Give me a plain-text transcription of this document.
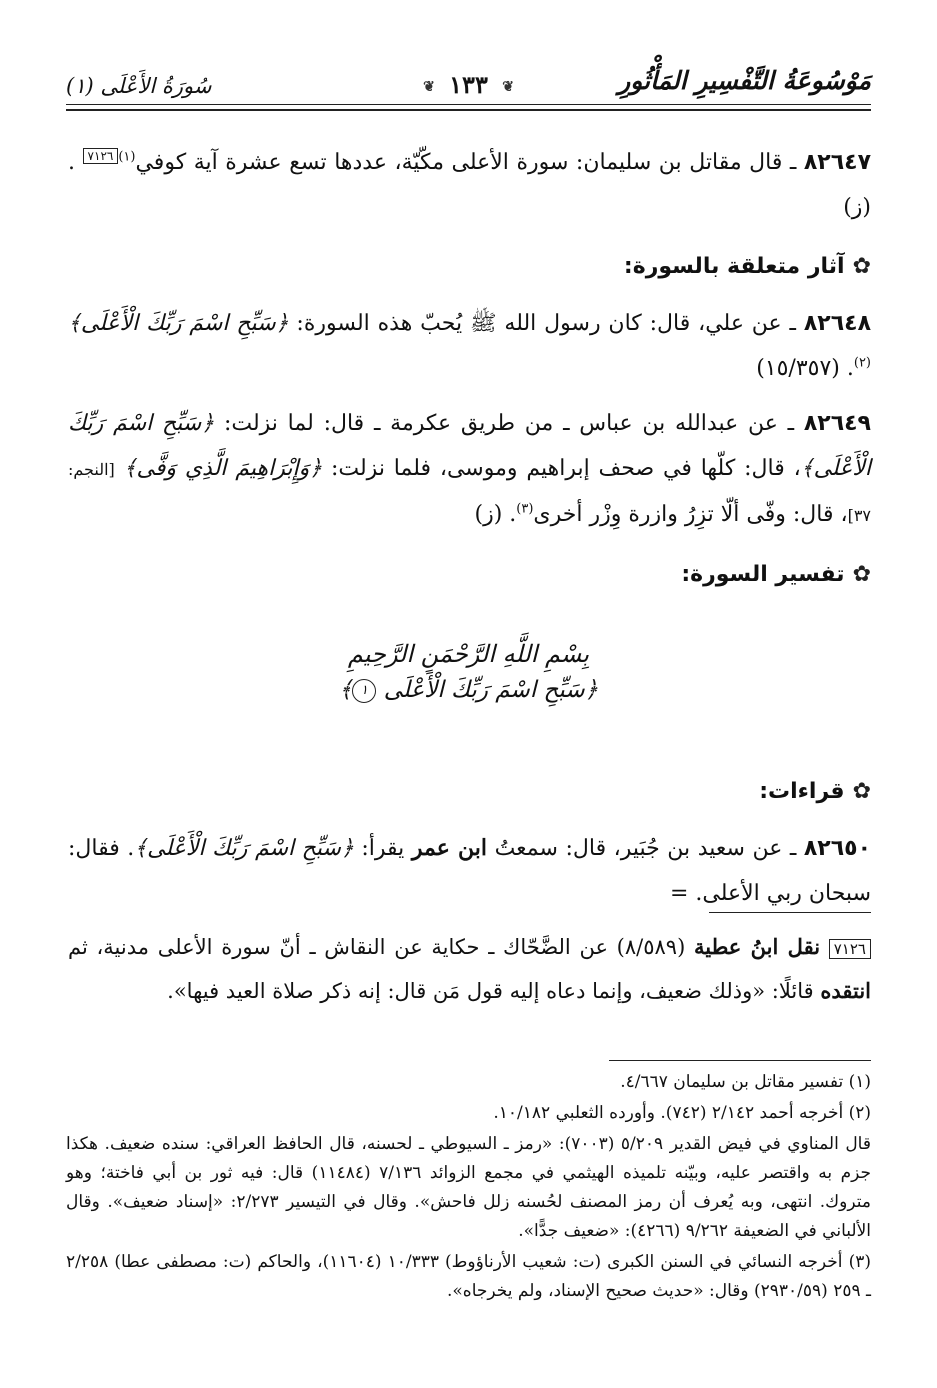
مَوْسُوعَةُ التَّفْسِيرِ المَأْثُورِ
❦ ١٣٣ ❦
سُورَةُ الأَعْلَى (١)

٨٢٦٤٧ ـ قال مقاتل بن سليمان: سورة الأعلى مكّيّة، عددها تسع عشرة آية كوفي$^{(١)}$٧١٢٦ . (ز)

✿آثار متعلقة بالسورة:

٨٢٦٤٨ ـ عن علي، قال: كان رسول الله ﷺ يُحبّ هذه السورة: ﴿سَبِّحِ اسْمَ رَبِّكَ الْأَعْلَى﴾$^{(٢)}$. (١٥/٣٥٧)

٨٢٦٤٩ ـ عن عبدالله بن عباس ـ من طريق عكرمة ـ قال: لما نزلت: ﴿سَبِّحِ اسْمَ رَبِّكَ الْأَعْلَى﴾، قال: كلّها في صحف إبراهيم وموسى، فلما نزلت: ﴿وَإِبْرَاهِيمَ الَّذِي وَفَّى﴾ [النجم: ٣٧]، قال: وفّى ألّا تزِرُ وازرة وِزْر أخرى$^{(٣)}$. (ز)

✿تفسير السورة:
بِسْمِ اللَّهِ الرَّحْمَنِ الرَّحِيمِ
﴿سَبِّحِ اسْمَ رَبِّكَ الْأَعْلَى ١﴾
✿قراءات:

٨٢٦٥٠ ـ عن سعيد بن جُبَير، قال: سمعتُ ابن عمر يقرأ: ﴿سَبِّحِ اسْمَ رَبِّكَ الْأَعْلَى﴾. فقال: سبحان ربي الأعلى. =

٧١٢٦ نقل ابنُ عطية (٨/٥٨٩) عن الضَّحّاك ـ حكاية عن النقاش ـ أنّ سورة الأعلى مدنية، ثم انتقده قائلًا: «وذلك ضعيف، وإنما دعاه إليه قول مَن قال: إنه ذكر صلاة العيد فيها».

(١) تفسير مقاتل بن سليمان ٤/٦٦٧.

(٢) أخرجه أحمد ٢/١٤٢ (٧٤٢). وأورده الثعلبي ١٠/١٨٢.

قال المناوي في فيض القدير ٥/٢٠٩ (٧٠٠٣): «رمز ـ السيوطي ـ لحسنه، قال الحافظ العراقي: سنده ضعيف. هكذا جزم به واقتصر عليه، وبيّنه تلميذه الهيثمي في مجمع الزوائد ٧/١٣٦ (١١٤٨٤) قال: فيه ثور بن أبي فاختة؛ وهو متروك. انتهى، وبه يُعرف أن رمز المصنف لحُسنه زلل فاحش». وقال في التيسير ٢/٢٧٣: «إسناد ضعيف». وقال الألباني في الضعيفة ٩/٢٦٢ (٤٢٦٦): «ضعيف جدًّا».

(٣) أخرجه النسائي في السنن الكبرى (ت: شعيب الأرناؤوط) ١٠/٣٣٣ (١١٦٠٤)، والحاكم (ت: مصطفى عطا) ٢/٢٥٨ ـ ٢٥٩ (٢٩٣٠/٥٩) وقال: «حديث صحيح الإسناد، ولم يخرجاه».
